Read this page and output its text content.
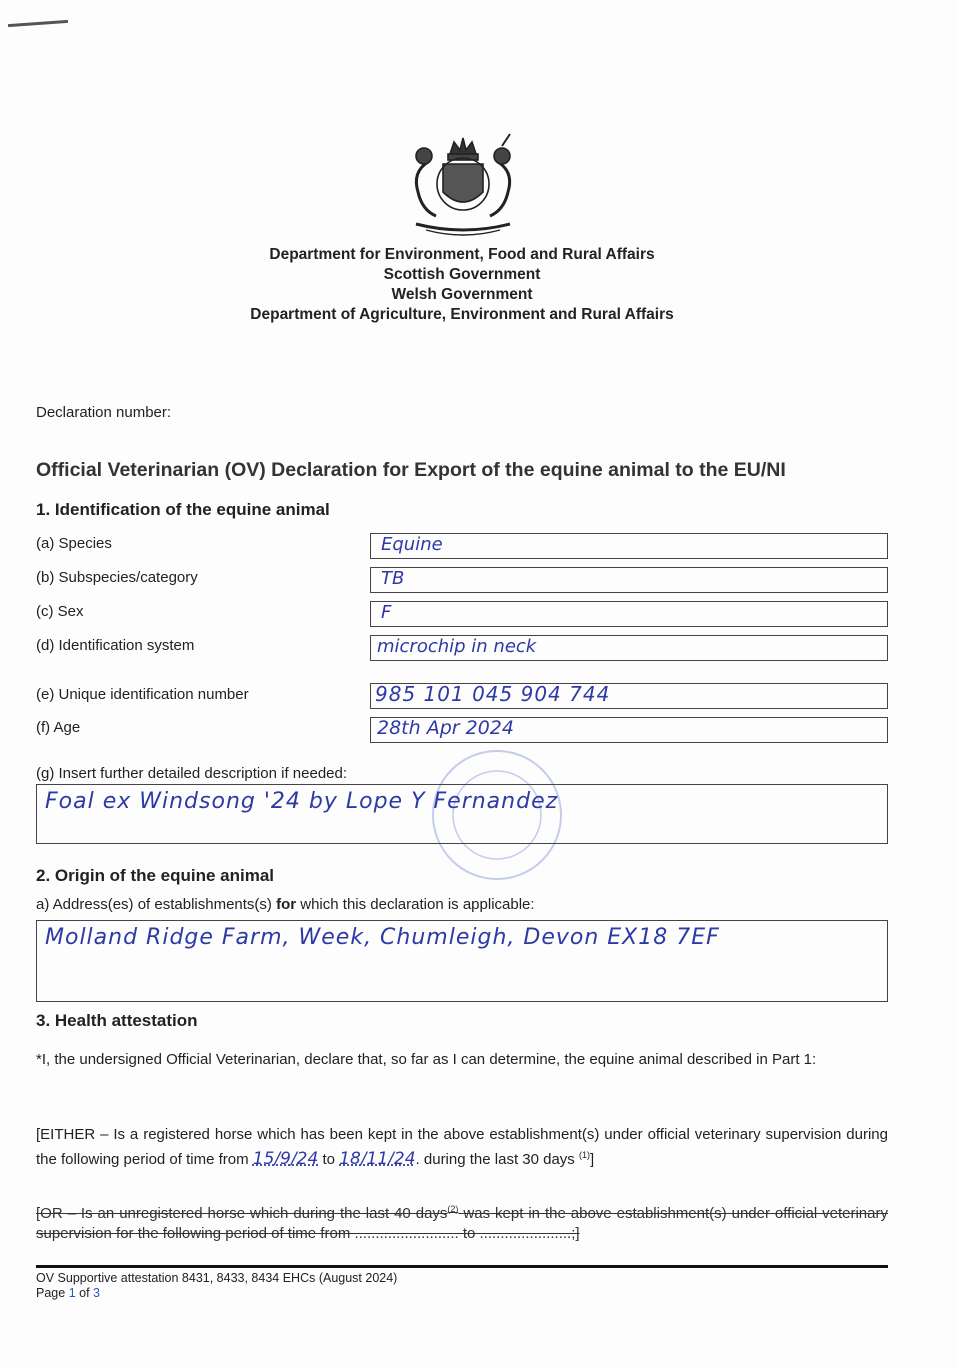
Department for Environment, Food and Rural Affairs
Scottish Government
Welsh Government
Department of Agriculture, Environment and Rural Affairs
Declaration number:
Official Veterinarian (OV) Declaration for Export of the equine animal to the EU/NI
1. Identification of the equine animal
(a) Species	Equine
(b) Subspecies/category	TB
(c) Sex	F
(d) Identification system	microchip in neck
(e) Unique identification number	985 101 045 904 744
(f) Age	28th Apr 2024
(g) Insert further detailed description if needed:
Foal ex Windsong '24 by Lope Y Fernandez
2. Origin of the equine animal
a) Address(es) of establishments(s) for which this declaration is applicable:
Molland Ridge Farm, Week, Chumleigh, Devon EX18 7EF
3. Health attestation
*I, the undersigned Official Veterinarian, declare that, so far as I can determine, the equine animal described in Part 1:
[EITHER – Is a registered horse which has been kept in the above establishment(s) under official veterinary supervision during the following period of time from 15/9/24 to 18/11/24. during the last 30 days $^{(1)}$]
[OR – Is an unregistered horse which during the last 40 days$^{(2)}$ was kept in the above establishment(s) under official veterinary supervision for the following period of time from ......................... to ......................;]
OV Supportive attestation 8431, 8433, 8434 EHCs (August 2024)
Page 1 of 3
